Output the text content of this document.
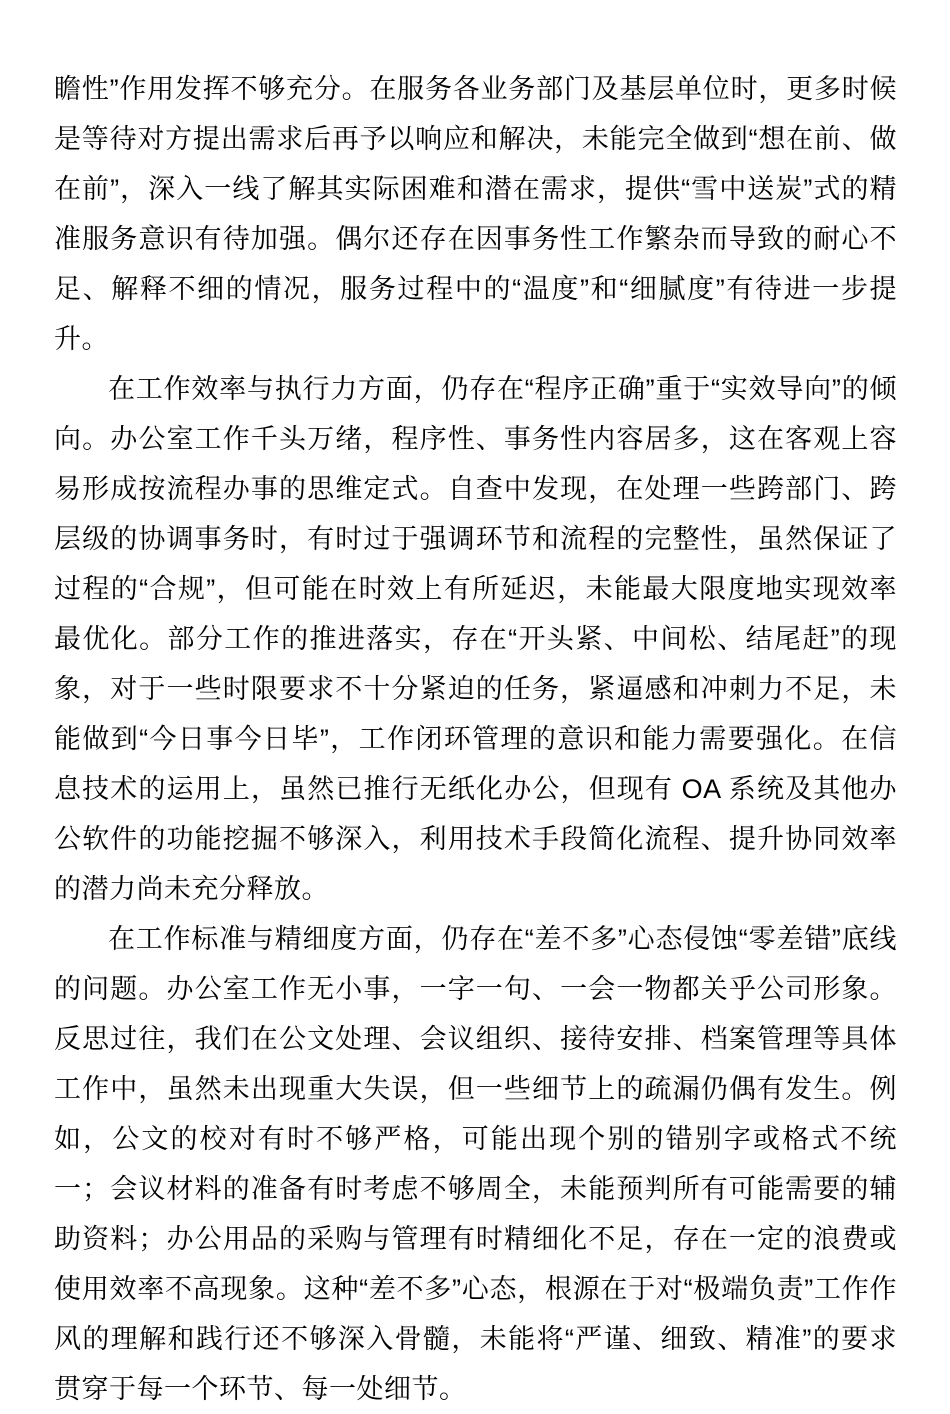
瞻性”作用发挥不够充分。在服务各业务部门及基层单位时，更多时候是等待对方提出需求后再予以响应和解决，未能完全做到“想在前、做在前”，深入一线了解其实际困难和潜在需求，提供“雪中送炭”式的精准服务意识有待加强。偶尔还存在因事务性工作繁杂而导致的耐心不足、解释不细的情况，服务过程中的“温度”和“细腻度”有待进一步提升。

在工作效率与执行力方面，仍存在“程序正确”重于“实效导向”的倾向。办公室工作千头万绪，程序性、事务性内容居多，这在客观上容易形成按流程办事的思维定式。自查中发现，在处理一些跨部门、跨层级的协调事务时，有时过于强调环节和流程的完整性，虽然保证了过程的“合规”，但可能在时效上有所延迟，未能最大限度地实现效率最优化。部分工作的推进落实，存在“开头紧、中间松、结尾赶”的现象，对于一些时限要求不十分紧迫的任务，紧逼感和冲刺力不足，未能做到“今日事今日毕”，工作闭环管理的意识和能力需要强化。在信息技术的运用上，虽然已推行无纸化办公，但现有 OA 系统及其他办公软件的功能挖掘不够深入，利用技术手段简化流程、提升协同效率的潜力尚未充分释放。

在工作标准与精细度方面，仍存在“差不多”心态侵蚀“零差错”底线的问题。办公室工作无小事，一字一句、一会一物都关乎公司形象。反思过往，我们在公文处理、会议组织、接待安排、档案管理等具体工作中，虽然未出现重大失误，但一些细节上的疏漏仍偶有发生。例如，公文的校对有时不够严格，可能出现个别的错别字或格式不统一；会议材料的准备有时考虑不够周全，未能预判所有可能需要的辅助资料；办公用品的采购与管理有时精细化不足，存在一定的浪费或使用效率不高现象。这种“差不多”心态，根源在于对“极端负责”工作作风的理解和践行还不够深入骨髓，未能将“严谨、细致、精准”的要求贯穿于每一个环节、每一处细节。
